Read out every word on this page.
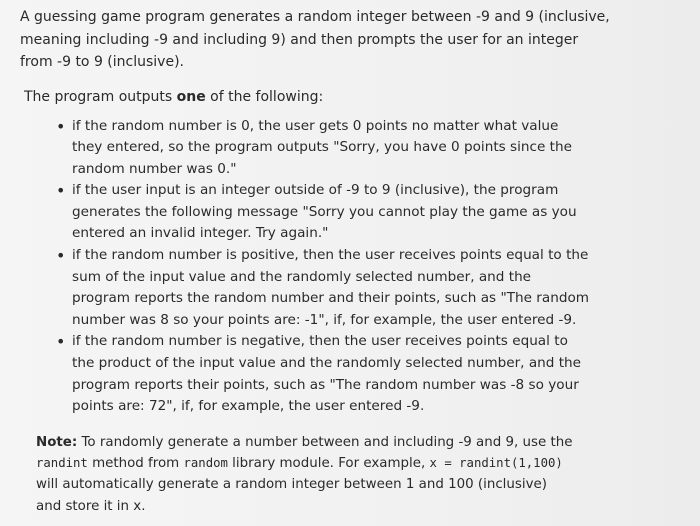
A guessing game program generates a random integer between -9 and 9 (inclusive, meaning including -9 and including 9) and then prompts the user for an integer from -9 to 9 (inclusive).

The program outputs one of the following:

• if the random number is 0, the user gets 0 points no matter what value they entered, so the program outputs "Sorry, you have 0 points since the random number was 0."
• if the user input is an integer outside of -9 to 9 (inclusive), the program generates the following message "Sorry you cannot play the game as you entered an invalid integer. Try again."
• if the random number is positive, then the user receives points equal to the sum of the input value and the randomly selected number, and the program reports the random number and their points, such as "The random number was 8 so your points are: -1", if, for example, the user entered -9.
• if the random number is negative, then the user receives points equal to the product of the input value and the randomly selected number, and the program reports their points, such as "The random number was -8 so your points are: 72", if, for example, the user entered -9.

Note: To randomly generate a number between and including -9 and 9, use the randint method from random library module. For example, x = randint(1,100) will automatically generate a random integer between 1 and 100 (inclusive) and store it in x.
